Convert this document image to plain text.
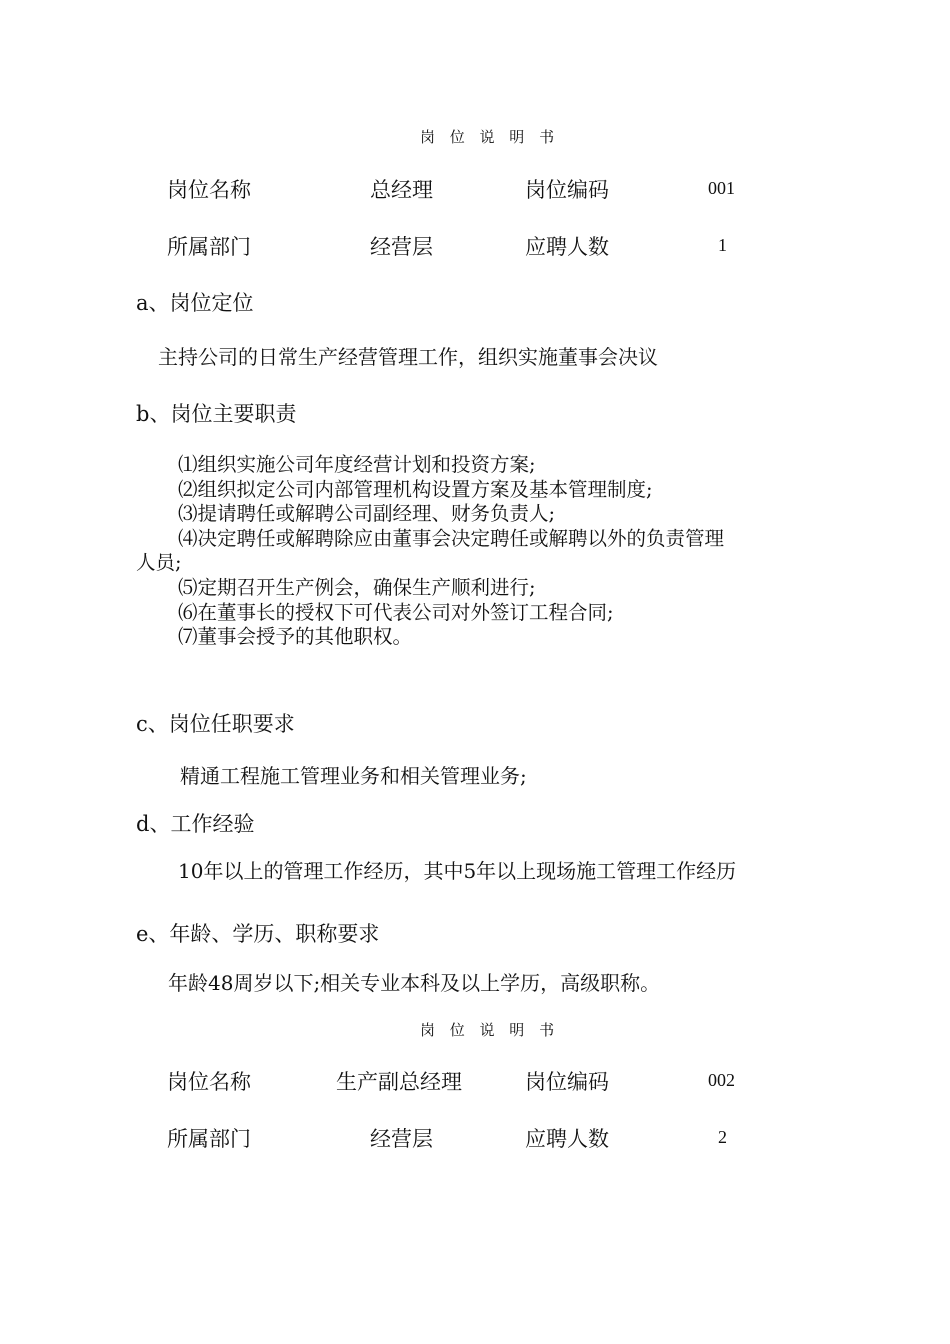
岗 位 说 明 书
岗位名称	总经理	岗位编码	001
所属部门	经营层	应聘人数	1
a、岗位定位
主持公司的日常生产经营管理工作，组织实施董事会决议
b、岗位主要职责
⑴组织实施公司年度经营计划和投资方案;
⑵组织拟定公司内部管理机构设置方案及基本管理制度;
⑶提请聘任或解聘公司副经理、财务负责人;
⑷决定聘任或解聘除应由董事会决定聘任或解聘以外的负责管理
人员;
⑸定期召开生产例会，确保生产顺利进行;
⑹在董事长的授权下可代表公司对外签订工程合同;
⑺董事会授予的其他职权。
c、岗位任职要求
精通工程施工管理业务和相关管理业务;
d、工作经验
10年以上的管理工作经历，其中5年以上现场施工管理工作经历
e、年龄、学历、职称要求
年龄48周岁以下;相关专业本科及以上学历，高级职称。
岗 位 说 明 书
岗位名称	生产副总经理	岗位编码	002
所属部门	经营层	应聘人数	2
